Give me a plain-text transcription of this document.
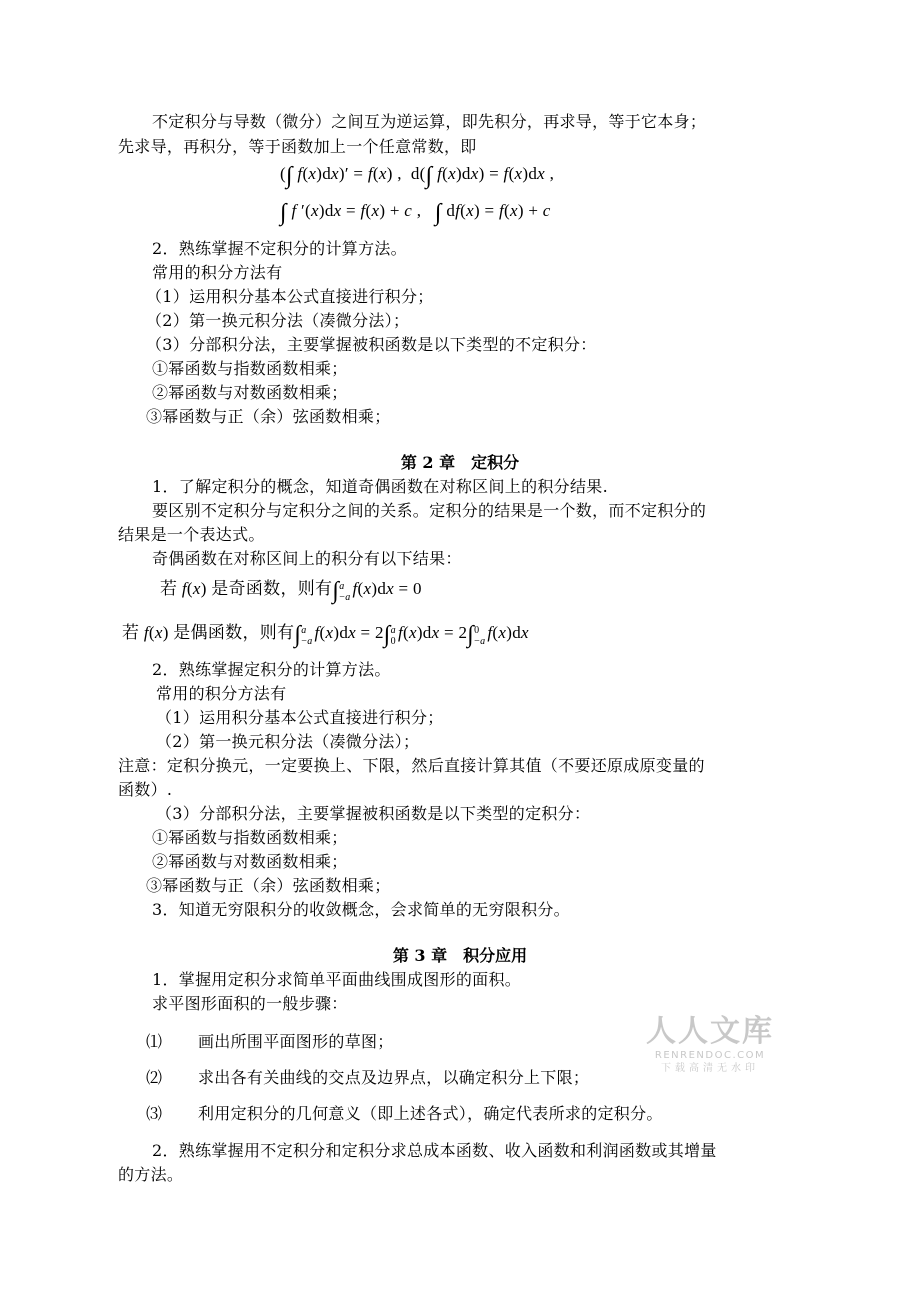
不定积分与导数（微分）之间互为逆运算，即先积分，再求导，等于它本身；
先求导，再积分，等于函数加上一个任意常数，即
(∫ f(x)dx)′ = f(x) ,  d(∫ f(x)dx) = f(x)dx ,
∫ f ′(x)dx = f(x) + c ,   ∫ df(x) = f(x) + c
2．熟练掌握不定积分的计算方法。
常用的积分方法有
（1）运用积分基本公式直接进行积分；
（2）第一换元积分法（凑微分法）；
（3）分部积分法，主要掌握被积函数是以下类型的不定积分：
①幂函数与指数函数相乘；
②幂函数与对数函数相乘；
③幂函数与正（余）弦函数相乘；
第 2 章　定积分
1．了解定积分的概念，知道奇偶函数在对称区间上的积分结果.
要区别不定积分与定积分之间的关系。定积分的结果是一个数，而不定积分的
结果是一个表达式。
奇偶函数在对称区间上的积分有以下结果：
若 f(x) 是奇函数，则有∫ a
−a f(x)dx = 0
若 f(x) 是偶函数，则有∫ a
−a f(x)dx = 2∫ a
0 f(x)dx = 2∫ 0
−a f(x)dx
2．熟练掌握定积分的计算方法。
常用的积分方法有
（1）运用积分基本公式直接进行积分；
（2）第一换元积分法（凑微分法）；
注意：定积分换元，一定要换上、下限，然后直接计算其值（不要还原成原变量的
函数）.
（3）分部积分法，主要掌握被积函数是以下类型的定积分：
①幂函数与指数函数相乘；
②幂函数与对数函数相乘；
③幂函数与正（余）弦函数相乘；
3．知道无穷限积分的收敛概念，会求简单的无穷限积分。
第 3 章　积分应用
1．掌握用定积分求简单平面曲线围成图形的面积。
求平图形面积的一般步骤：
⑴ 画出所围平面图形的草图；
⑵ 求出各有关曲线的交点及边界点，以确定积分上下限；
⑶ 利用定积分的几何意义（即上述各式），确定代表所求的定积分。
2．熟练掌握用不定积分和定积分求总成本函数、收入函数和利润函数或其增量
的方法。
人人文库
RENRENDOC.COM
下载高清无水印
